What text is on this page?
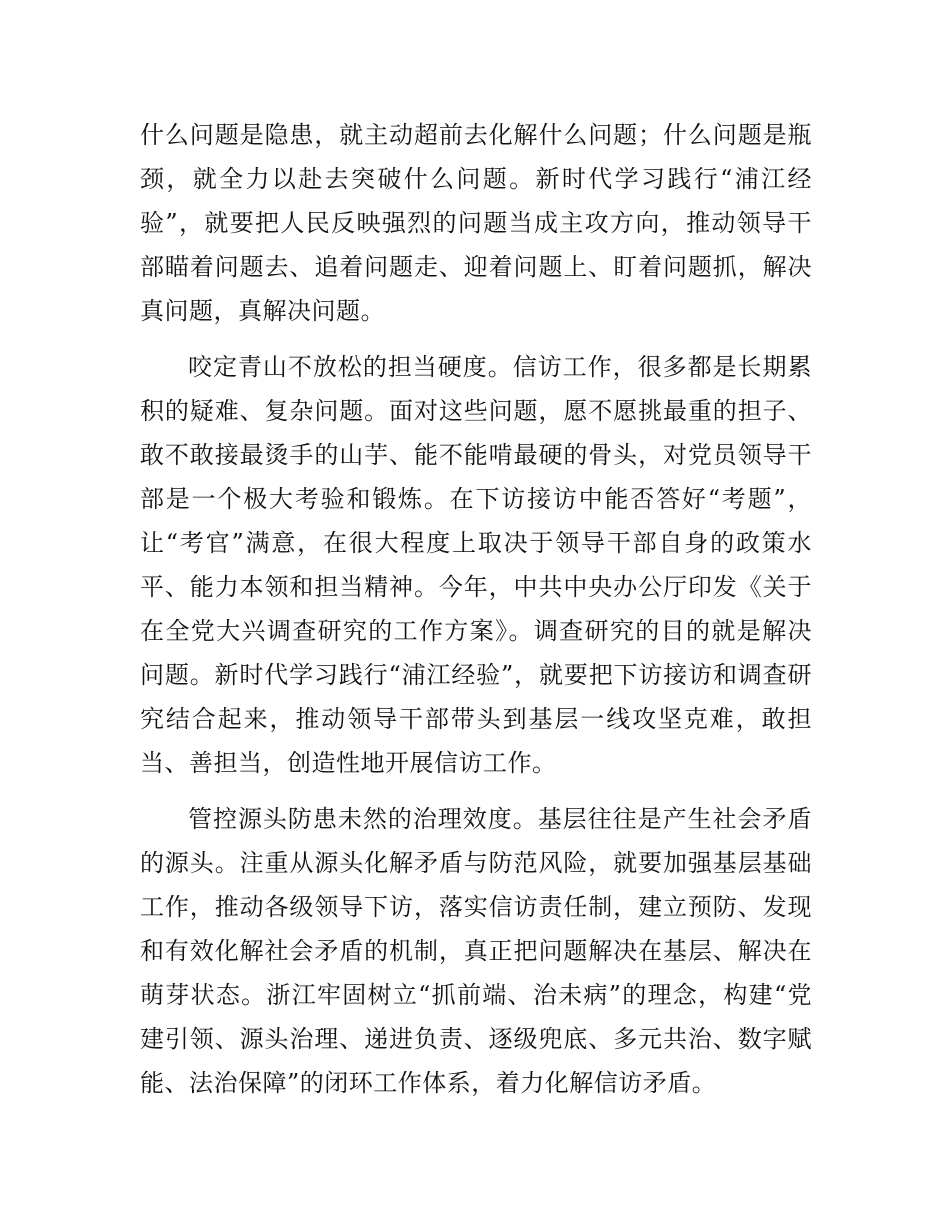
什么问题是隐患，就主动超前去化解什么问题；什么问题是瓶颈，就全力以赴去突破什么问题。新时代学习践行“浦江经验”，就要把人民反映强烈的问题当成主攻方向，推动领导干部瞄着问题去、追着问题走、迎着问题上、盯着问题抓，解决真问题，真解决问题。

咬定青山不放松的担当硬度。信访工作，很多都是长期累积的疑难、复杂问题。面对这些问题，愿不愿挑最重的担子、敢不敢接最烫手的山芋、能不能啃最硬的骨头，对党员领导干部是一个极大考验和锻炼。在下访接访中能否答好“考题”，让“考官”满意，在很大程度上取决于领导干部自身的政策水平、能力本领和担当精神。今年，中共中央办公厅印发《关于在全党大兴调查研究的工作方案》。调查研究的目的就是解决问题。新时代学习践行“浦江经验”，就要把下访接访和调查研究结合起来，推动领导干部带头到基层一线攻坚克难，敢担当、善担当，创造性地开展信访工作。

管控源头防患未然的治理效度。基层往往是产生社会矛盾的源头。注重从源头化解矛盾与防范风险，就要加强基层基础工作，推动各级领导下访，落实信访责任制，建立预防、发现和有效化解社会矛盾的机制，真正把问题解决在基层、解决在萌芽状态。浙江牢固树立“抓前端、治未病”的理念，构建“党建引领、源头治理、递进负责、逐级兜底、多元共治、数字赋能、法治保障”的闭环工作体系，着力化解信访矛盾。
